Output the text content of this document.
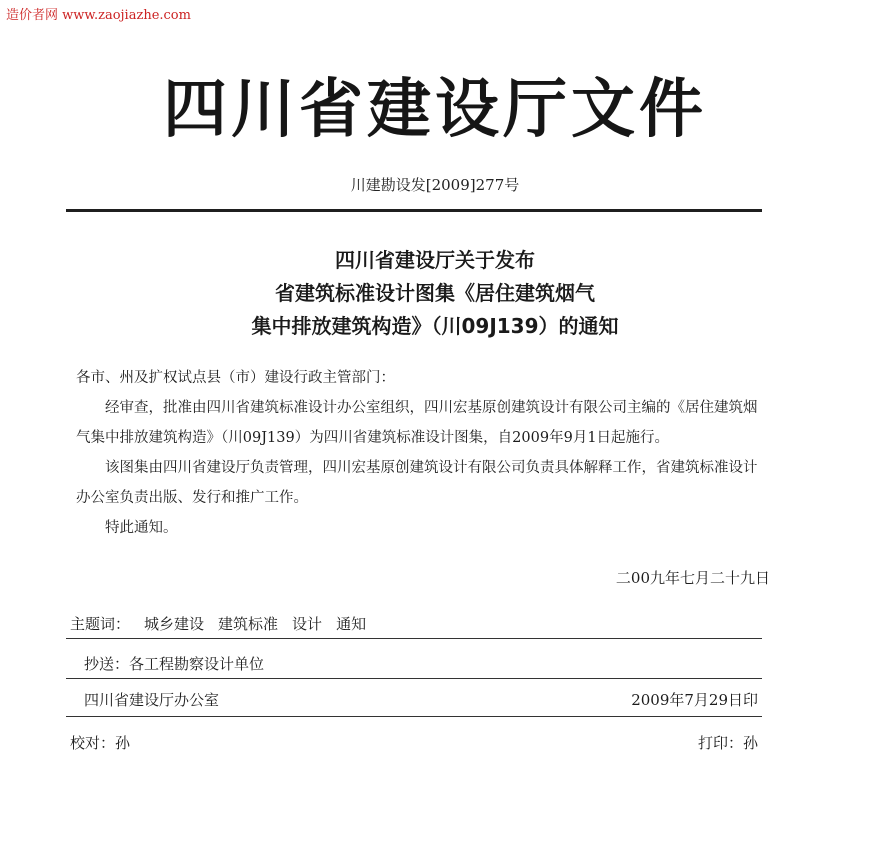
造价者网 www.zaojiazhe.com
四川省建设厅文件
川建勘设发[2009]277号
四川省建设厅关于发布
省建筑标准设计图集《居住建筑烟气
集中排放建筑构造》（川09J139）的通知
各市、州及扩权试点县（市）建设行政主管部门：
经审查，批准由四川省建筑标准设计办公室组织，四川宏基原创建筑设计有限公司主编的《居住建筑烟气集中排放建筑构造》（川09J139）为四川省建筑标准设计图集，自2009年9月1日起施行。
该图集由四川省建设厅负责管理，四川宏基原创建筑设计有限公司负责具体解释工作，省建筑标准设计办公室负责出版、发行和推广工作。
特此通知。
二00九年七月二十九日
主题词： 城乡建设 建筑标准 设计 通知
抄送：各工程勘察设计单位
四川省建设厅办公室	2009年7月29日印
校对：孙	打印：孙
